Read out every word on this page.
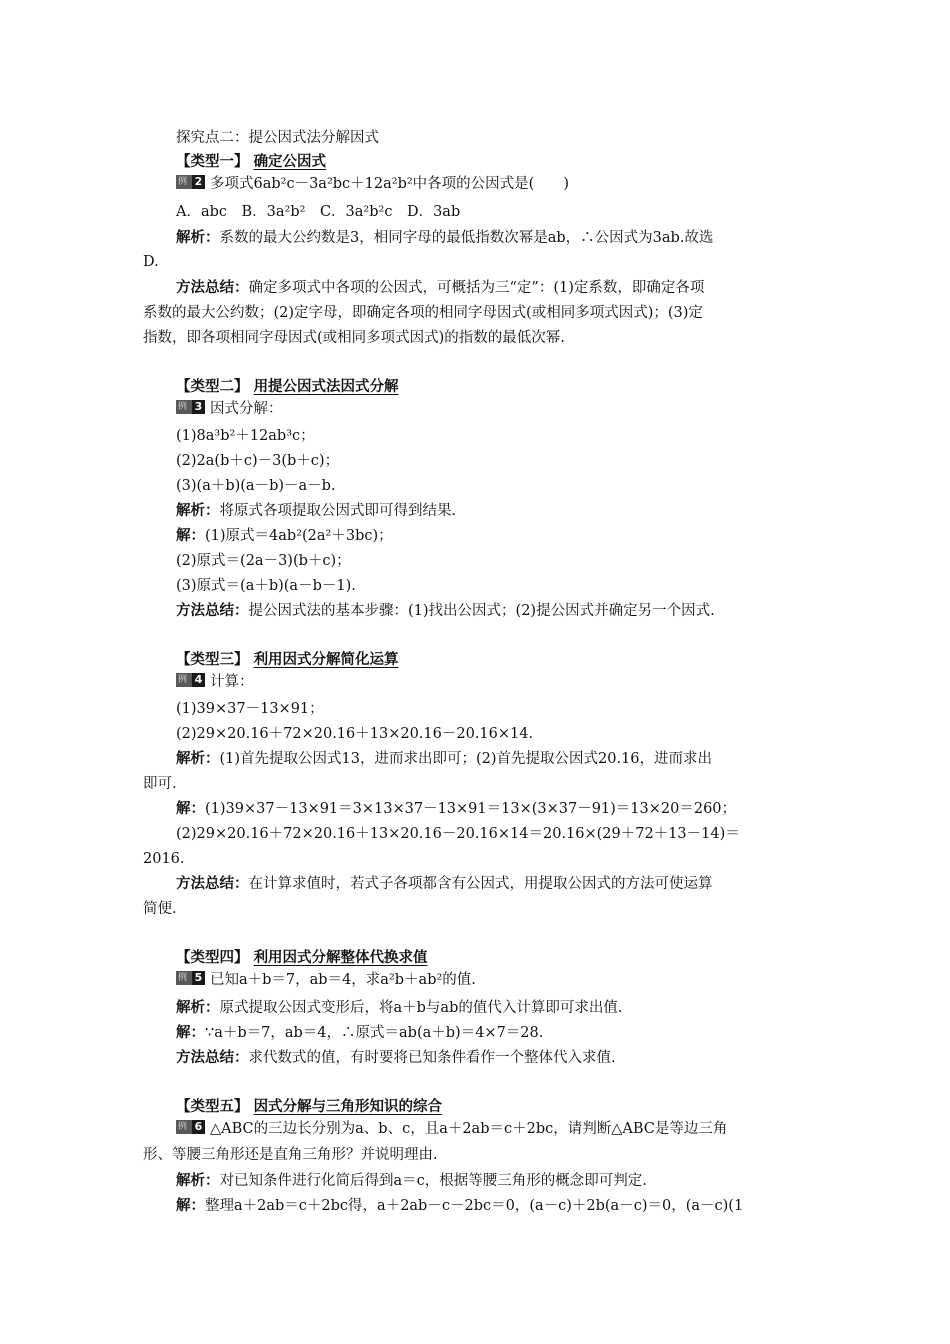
探究点二：提公因式法分解因式
【类型一】 确定公因式
例 2 多项式6ab²c－3a²bc＋12a²b²中各项的公因式是(　　)
A．abc　B．3a²b²　C．3a²b²c　D．3ab
解析：系数的最大公约数是3，相同字母的最低指数次幂是ab，∴公因式为3ab.故选
D.
方法总结：确定多项式中各项的公因式，可概括为三“定”：(1)定系数，即确定各项
系数的最大公约数；(2)定字母，即确定各项的相同字母因式(或相同多项式因式)；(3)定
指数，即各项相同字母因式(或相同多项式因式)的指数的最低次幂.
【类型二】 用提公因式法因式分解
例 3 因式分解：
(1)8a³b²＋12ab³c；
(2)2a(b＋c)－3(b＋c)；
(3)(a＋b)(a－b)－a－b.
解析：将原式各项提取公因式即可得到结果.
解：(1)原式＝4ab²(2a²＋3bc)；
(2)原式＝(2a－3)(b＋c)；
(3)原式＝(a＋b)(a－b－1).
方法总结：提公因式法的基本步骤：(1)找出公因式；(2)提公因式并确定另一个因式.
【类型三】 利用因式分解简化运算
例 4 计算：
(1)39×37－13×91；
(2)29×20.16＋72×20.16＋13×20.16－20.16×14.
解析：(1)首先提取公因式13，进而求出即可；(2)首先提取公因式20.16，进而求出
即可.
解：(1)39×37－13×91＝3×13×37－13×91＝13×(3×37－91)＝13×20＝260；
(2)29×20.16＋72×20.16＋13×20.16－20.16×14＝20.16×(29＋72＋13－14)＝
2016.
方法总结：在计算求值时，若式子各项都含有公因式，用提取公因式的方法可使运算
简便.
【类型四】 利用因式分解整体代换求值
例 5 已知a＋b＝7，ab＝4，求a²b＋ab²的值.
解析：原式提取公因式变形后，将a＋b与ab的值代入计算即可求出值.
解：∵a＋b＝7，ab＝4，∴原式＝ab(a＋b)＝4×7＝28.
方法总结：求代数式的值，有时要将已知条件看作一个整体代入求值.
【类型五】 因式分解与三角形知识的综合
例 6 △ABC的三边长分别为a、b、c，且a＋2ab＝c＋2bc，请判断△ABC是等边三角
形、等腰三角形还是直角三角形？并说明理由.
解析：对已知条件进行化简后得到a＝c，根据等腰三角形的概念即可判定.
解：整理a＋2ab＝c＋2bc得，a＋2ab－c－2bc＝0，(a－c)＋2b(a－c)＝0，(a－c)(1
